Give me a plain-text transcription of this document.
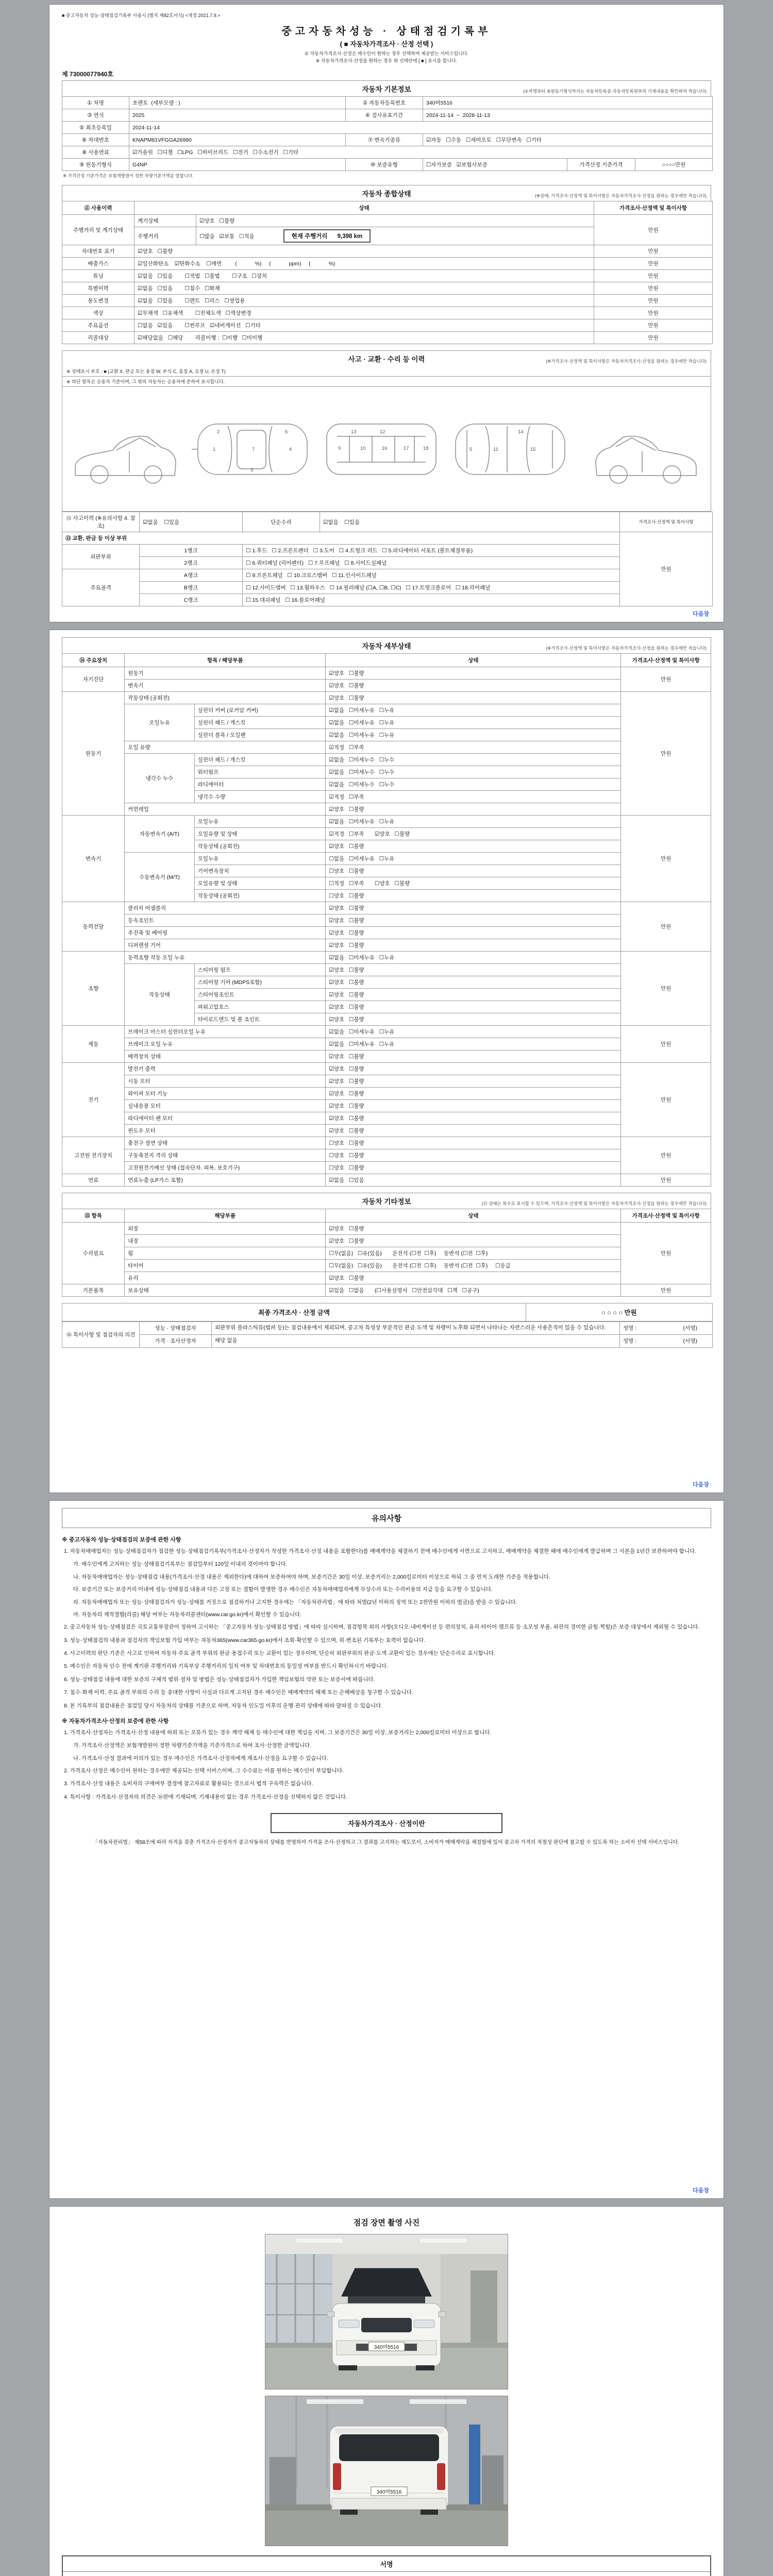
■ 중고자동차 성능·상태점검기록부 사용시 (별지 제82호서식) <개정 2021.7.9.>
중고자동차성능 · 상태점검기록부
( ■ 자동차가격조사 · 산정 선택 )
① 자동차가격조사·산정은 매수인이 원하는 경우 선택하여 제공받는 서비스입니다.
※ 자동차가격조사·산정을 원하는 경우 위 선택란에 [ ■ ] 표시를 합니다.
제 73000077940호
자동차 기본정보	(①차명부터 ⑨원동기형식까지는 자동차등록증·자동차등록원부의 기재내용을 확인하여 적습니다)
① 차명	쏘렌토  (세부모델 : )	② 자동차등록번호	340머5516		
③ 연식	2025	④ 검사유효기간	2024-11-14  ~  2028-11-13		
⑤ 최초등록일	2024-11-14				
⑥ 차대번호	KNAPM81VFGGA26990	⑦ 변속기종류	☑자동   ☐수동   ☐세미오토   ☐무단변속   ☐기타		
⑧ 사용연료	☑가솔린   ☐디젤   ☐LPG   ☐하이브리드   ☐전기   ☐수소전기   ☐기타				
⑨ 원동기형식	G4NP	⑩ 보증유형	☐자가보증   ☑보험사보증	가격산정 기준가격	○○○○만원
※ 가격산정 기준가격은 보험개발원이 정한 차량기준가액을 말합니다.
자동차 종합상태	(※상태, 가격조사·산정액 및 특이사항은 자동차가격조사·산정을 원하는 경우에만 적습니다)
⑪ 사용이력	상태		가격조사·산정액 및 특이사항
주행거리 및 계기상태	계기상태	☑양호   ☐불량	만원
	주행거리	☐많음   ☑보통   ☐적음 현재 주행거리      9,398 km	
차대번호 표기	☑양호   ☐불량		만원
배출가스	☑일산화탄소    ☑탄화수소    ☐매연 (            %)     (            ppm)     (            %)		만원
튜닝	☑없음   ☐있음        ☐적법   ☐불법        ☐구조   ☐장치		만원
특별이력	☑없음   ☐있음        ☐침수   ☐화재		만원
용도변경	☑없음   ☐있음        ☐렌트   ☐리스   ☐영업용		만원
색상	☑무채색   ☐유채색        ☐전체도색   ☐색상변경		만원
주요옵션	☐없음   ☑있음        ☐썬루프   ☑네비게이션   ☐기타		만원
리콜대상	☑해당없음   ☐해당        리콜이행 :  ☐이행   ☐미이행		만원
사고 · 교환 · 수리 등 이력	(※가격조사·산정액 및 특이사항은 자동차가격조사·산정을 원하는 경우에만 적습니다)
※ 상태표시 부호 : ■ (교환 X, 판금 또는 용접 W, 부식 C, 흠집 A, 요철 U, 손상 T)
※ 하단 항목은 승용차 기준이며, 그 밖의 자동차는 승용차에 준하여 표시합니다.
1
2
3
4
7
6
9	10
13	12
16	17	18	5	11
14
15
⑫ 사고이력 (※유의사항 4. 참조)	☑없음    ☐있음	단순수리	☑없음    ☐있음	가격조사·산정액 및 특이사항
⑬ 교환, 판금 등 이상 부위				만원
외판부위	1랭크	☐ 1.후드   ☐ 2.프론트펜더   ☐ 3.도어   ☐ 4.트렁크 리드   ☐ 5.라디에이터 서포트 (볼트체결부품)		
	2랭크	☐ 6.쿼터패널 (리어펜더)   ☐ 7.루프패널   ☐ 8.사이드실패널		
주요골격	A랭크	☐ 9.프론트패널   ☐ 10.크로스멤버   ☐ 11.인사이드패널		
	B랭크	☐ 12.사이드멤버   ☐ 13.휠하우스   ☐ 14.필러패널 (☐A, ☐B, ☐C)   ☐ 17.트렁크플로어   ☐ 18.리어패널		
	C랭크	☐ 15.대쉬패널   ☐ 16.플로어패널		
다음장
자동차 세부상태	(※가격조사·산정액 및 특이사항은 자동차가격조사·산정을 원하는 경우에만 적습니다)
⑭ 주요장치	항목 / 해당부품		상태	가격조사·산정액 및 특이사항
자기진단	원동기		☑양호   ☐불량	만원
	변속기		☑양호   ☐불량	
원동기	작동상태 (공회전)		☑양호   ☐불량	만원
	오일누유	실린더 커버 (로커암 커버)	☑없음   ☐미세누유   ☐누유	
		실린더 헤드 / 개스킷	☑없음   ☐미세누유   ☐누유	
		실린더 블록 / 오일팬	☑없음   ☐미세누유   ☐누유	
	오일 유량		☑적정   ☐부족	
	냉각수 누수	실린더 헤드 / 개스킷	☑없음   ☐미세누수   ☐누수	
		워터펌프	☑없음   ☐미세누수   ☐누수	
		라디에이터	☑없음   ☐미세누수   ☐누수	
		냉각수 수량	☑적정   ☐부족	
	커먼레일		☑양호   ☐불량	
변속기	자동변속기 (A/T)	오일누유	☑없음   ☐미세누유   ☐누유	만원
		오일유량 및 상태	☑적정   ☐부족       ☑양호   ☐불량	
		작동상태 (공회전)	☑양호   ☐불량	
	수동변속기 (M/T)	오일누유	☐없음   ☐미세누유   ☐누유	
		기어변속장치	☐양호   ☐불량	
		오일유량 및 상태	☐적정   ☐부족       ☐양호   ☐불량	
		작동상태 (공회전)	☐양호   ☐불량	
동력전달	클러치 어셈블리		☑양호   ☐불량	만원
	등속조인트		☑양호   ☐불량	
	추진축 및 베어링		☑양호   ☐불량	
	디퍼렌셜 기어		☑양호   ☐불량	
조향	동력조향 작동 오일 누유		☑없음   ☐미세누유   ☐누유	만원
	작동상태	스티어링 펌프	☑양호   ☐불량	
		스티어링 기어 (MDPS포함)	☑양호   ☐불량	
		스티어링조인트	☑양호   ☐불량	
		파워고압호스	☑양호   ☐불량	
		타이로드엔드 및 볼 조인트	☑양호   ☐불량	
제동	브레이크 마스터 실린더오일 누유		☑없음   ☐미세누유   ☐누유	만원
	브레이크 오일 누유		☑없음   ☐미세누유   ☐누유	
	배력장치 상태		☑양호   ☐불량	
전기	발전기 출력		☑양호   ☐불량	만원
	시동 모터		☑양호   ☐불량	
	와이퍼 모터 기능		☑양호   ☐불량	
	실내송풍 모터		☑양호   ☐불량	
	라디에이터 팬 모터		☑양호   ☐불량	
	윈도우 모터		☑양호   ☐불량	
고전원 전기장치	충전구 절연 상태		☐양호   ☐불량	만원
	구동축전지 격리 상태		☐양호   ☐불량	
	고전원전기배선 상태 (접속단자, 피복, 보호기구)		☐양호   ☐불량	
연료	연료누출 (LP가스 포함)		☑없음   ☐있음	만원
자동차 기타정보	(⑮ 상태는 복수로 표시할 수 있으며, 가격조사·산정액 및 특이사항은 자동차가격조사·산정을 원하는 경우에만 적습니다)
⑮ 항목	해당부품	상태	가격조사·산정액 및 특이사항
수리필요	외장	☑양호   ☐불량	만원
	내장	☑양호   ☐불량	
	휠	☐무(없음)   ☐유(있음)       운전석 (☐전  ☐후)     동반석 (☐전  ☐후)	
	타이어	☐무(없음)   ☐유(있음)       운전석 (☐전  ☐후)     동반석 (☐전  ☐후)     ☐응급	
	유리	☑양호   ☐불량	
기본품목	보유상태	☑있음   ☐없음       (☐사용설명서   ☐안전삼각대   ☐잭   ☐공구)	만원
최종 가격조사 · 산정 금액	○ ○ ○ ○ 만원
⑯ 특이사항 및 점검자의 의견	성능 · 상태점검자	외판부위 플라스틱류(범퍼 등)는 점검내용에서 제외되며, 중고차 특성상 부분적인 판금·도색 및 차량이 노후화 되면서 나타나는 자연스러운 사용흔적이 있을 수 있습니다.	성명 :                               (서명)
	가격 · 조사산정자	해당 없음	성명 :                               (서명)
다음장
유의사항
※ 중고자동차 성능·상태점검의 보증에 관한 사항
1. 자동차매매업자는 성능·상태점검자가 점검한 성능·상태점검기록부(가격조사·산정자가 작성한 가격조사·산정 내용을 포함한다)를 매매계약을 체결하기 전에 매수인에게 서면으로 고지하고, 매매계약을 체결한 때에 매수인에게 발급하며 그 사본을 1년간 보관하여야 합니다.
가. 매수인에게 고지하는 성능·상태점검기록부는 점검일부터 120일 이내의 것이어야 합니다.
나. 자동차매매업자는 성능·상태점검 내용(가격조사·산정 내용은 제외한다)에 대하여 보증하여야 하며, 보증기간은 30일 이상, 보증거리는 2,000킬로미터 이상으로 하되 그 중 먼저 도래한 기준을 적용합니다.
다. 보증기간 또는 보증거리 이내에 성능·상태점검 내용과 다른 고장 또는 결함이 발생한 경우 매수인은 자동차매매업자에게 무상수리 또는 수리비용의 지급 등을 요구할 수 있습니다.
라. 자동차매매업자 또는 성능·상태점검자가 성능·상태를 거짓으로 점검하거나 고지한 경우에는 「자동차관리법」에 따라 처벌(2년 이하의 징역 또는 2천만원 이하의 벌금)을 받을 수 있습니다.
마. 자동차의 제작결함(리콜) 해당 여부는 자동차리콜센터(www.car.go.kr)에서 확인할 수 있습니다.
2. 중고자동차 성능·상태점검은 국토교통부장관이 정하여 고시하는 「중고자동차 성능·상태점검 방법」에 따라 실시하며, 점검항목 외의 사항(오디오·내비게이션 등 편의장치, 유리·타이어·램프류 등 소모성 부품, 외관의 경미한 긁힘·찍힘)은 보증 대상에서 제외될 수 있습니다.
3. 성능·상태점검의 내용과 점검자의 책임보험 가입 여부는 자동차365(www.car365.go.kr)에서 조회·확인할 수 있으며, 위·변조된 기록부는 효력이 없습니다.
4. 사고이력의 판단 기준은 사고로 인하여 자동차 주요 골격 부위의 판금·용접수리 또는 교환이 있는 경우이며, 단순히 외판부위의 판금·도색·교환이 있는 경우에는 단순수리로 표시합니다.
5. 매수인은 자동차 인수 전에 계기판 주행거리와 기록부상 주행거리의 일치 여부 및 차대번호의 동일성 여부를 반드시 확인하시기 바랍니다.
6. 성능·상태점검 내용에 대한 보증의 구체적 범위·절차 및 방법은 성능·상태점검자가 가입한 책임보험의 약관 또는 보증서에 따릅니다.
7. 침수·화재 이력, 주요 골격 부위의 수리 등 중대한 사항이 사실과 다르게 고지된 경우 매수인은 매매계약의 해제 또는 손해배상을 청구할 수 있습니다.
8. 본 기록부의 점검내용은 점검일 당시 자동차의 상태를 기준으로 하며, 자동차 인도일 이후의 운행·관리 상태에 따라 달라질 수 있습니다.
※ 자동차가격조사·산정의 보증에 관한 사항
1. 가격조사·산정자는 가격조사·산정 내용에 허위 또는 오류가 있는 경우 계약 해제 등 매수인에 대한 책임을 지며, 그 보증기간은 30일 이상, 보증거리는 2,000킬로미터 이상으로 합니다.
가. 가격조사·산정액은 보험개발원이 정한 차량기준가액을 기준가격으로 하여 조사·산정한 금액입니다.
나. 가격조사·산정 결과에 이의가 있는 경우 매수인은 가격조사·산정자에게 재조사·산정을 요구할 수 있습니다.
2. 가격조사·산정은 매수인이 원하는 경우에만 제공되는 선택 서비스이며, 그 수수료는 이를 원하는 매수인이 부담합니다.
3. 가격조사·산정 내용은 소비자의 구매여부 결정에 참고자료로 활용되는 것으로서 법적 구속력은 없습니다.
4. 특이사항 : 가격조사·산정자의 의견은 ⑯란에 기재되며, 기재내용이 없는 경우 가격조사·산정을 선택하지 않은 것입니다.
자동차가격조사 · 산정이란
「자동차관리법」 제58조에 따라 자격을 갖춘 가격조사·산정자가 중고자동차의 상태를 반영하여 가격을 조사·산정하고 그 결과를 고지하는 제도로서, 소비자가 매매계약을 체결함에 있어 중고차 가격의 적절성 판단에 참고할 수 있도록 하는 소비자 선택 서비스입니다.
다음장
점검 장면 촬영 사진
340머5516
340머5516
서명
